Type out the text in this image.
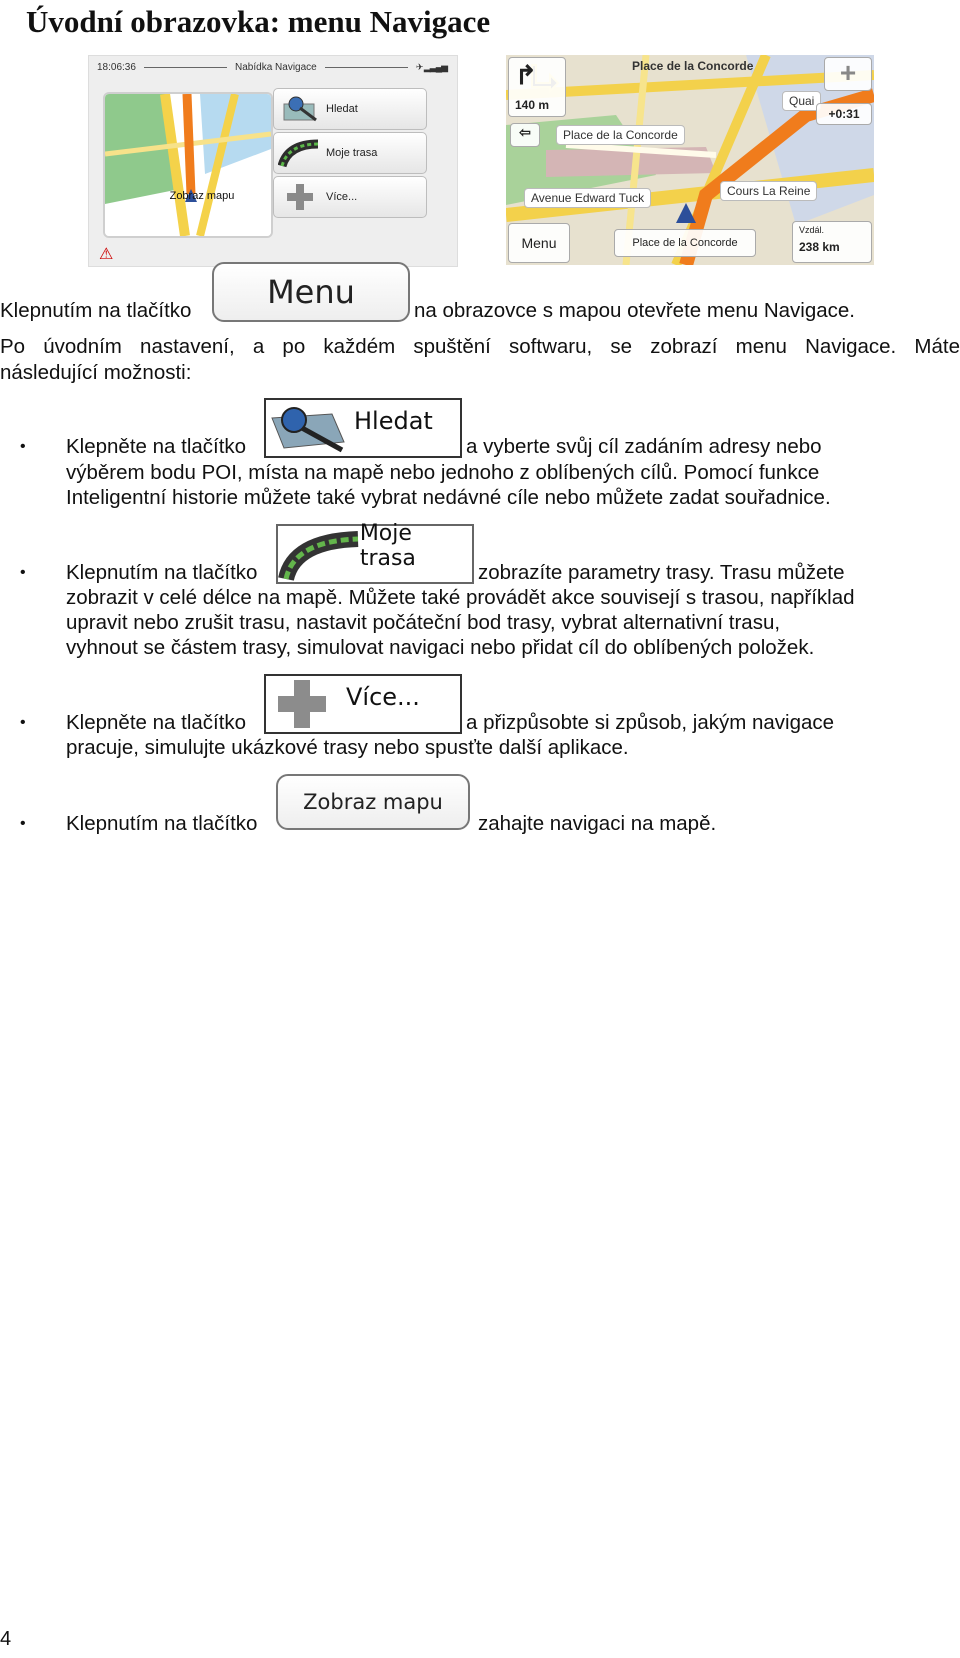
Úvodní obrazovka: menu Navigace
18:06:36	Nabídka Navigace	✈ ▂▃▄▅
Zobraz mapu
Hledat
Moje trasa
Více...
⚠
↱
140 m
Place de la Concorde
⇦	Place de la Concorde
Avenue Edward Tuck	Cours La Reine
Quai
+
+0:31
Menu	Place de la Concorde
Vzdál.
238 km
Klepnutím na tlačítko	Menu	na obrazovce s mapou otevřete menu Navigace.

Po úvodním nastavení, a po každém spuštění softwaru, se zobrazí menu Navigace. Máte

následující možnosti:

• Klepněte na tlačítko
Hledat
a vyberte svůj cíl zadáním adresy nebo

výběrem bodu POI, místa na mapě nebo jednoho z oblíbených cílů. Pomocí funkce

Inteligentní historie můžete také vybrat nedávné cíle nebo můžete zadat souřadnice.

• Klepnutím na tlačítko
Moje trasa
zobrazíte parametry trasy. Trasu můžete

zobrazit v celé délce na mapě. Můžete také provádět akce souvisejí s trasou, například

upravit nebo zrušit trasu, nastavit počáteční bod trasy, vybrat alternativní trasu,

vyhnout se částem trasy, simulovat navigaci nebo přidat cíl do oblíbených položek.

• Klepněte na tlačítko
Více...
a přizpůsobte si způsob, jakým navigace

pracuje, simulujte ukázkové trasy nebo spusťte další aplikace.

• Klepnutím na tlačítko
Zobraz mapu
zahajte navigaci na mapě.
4
